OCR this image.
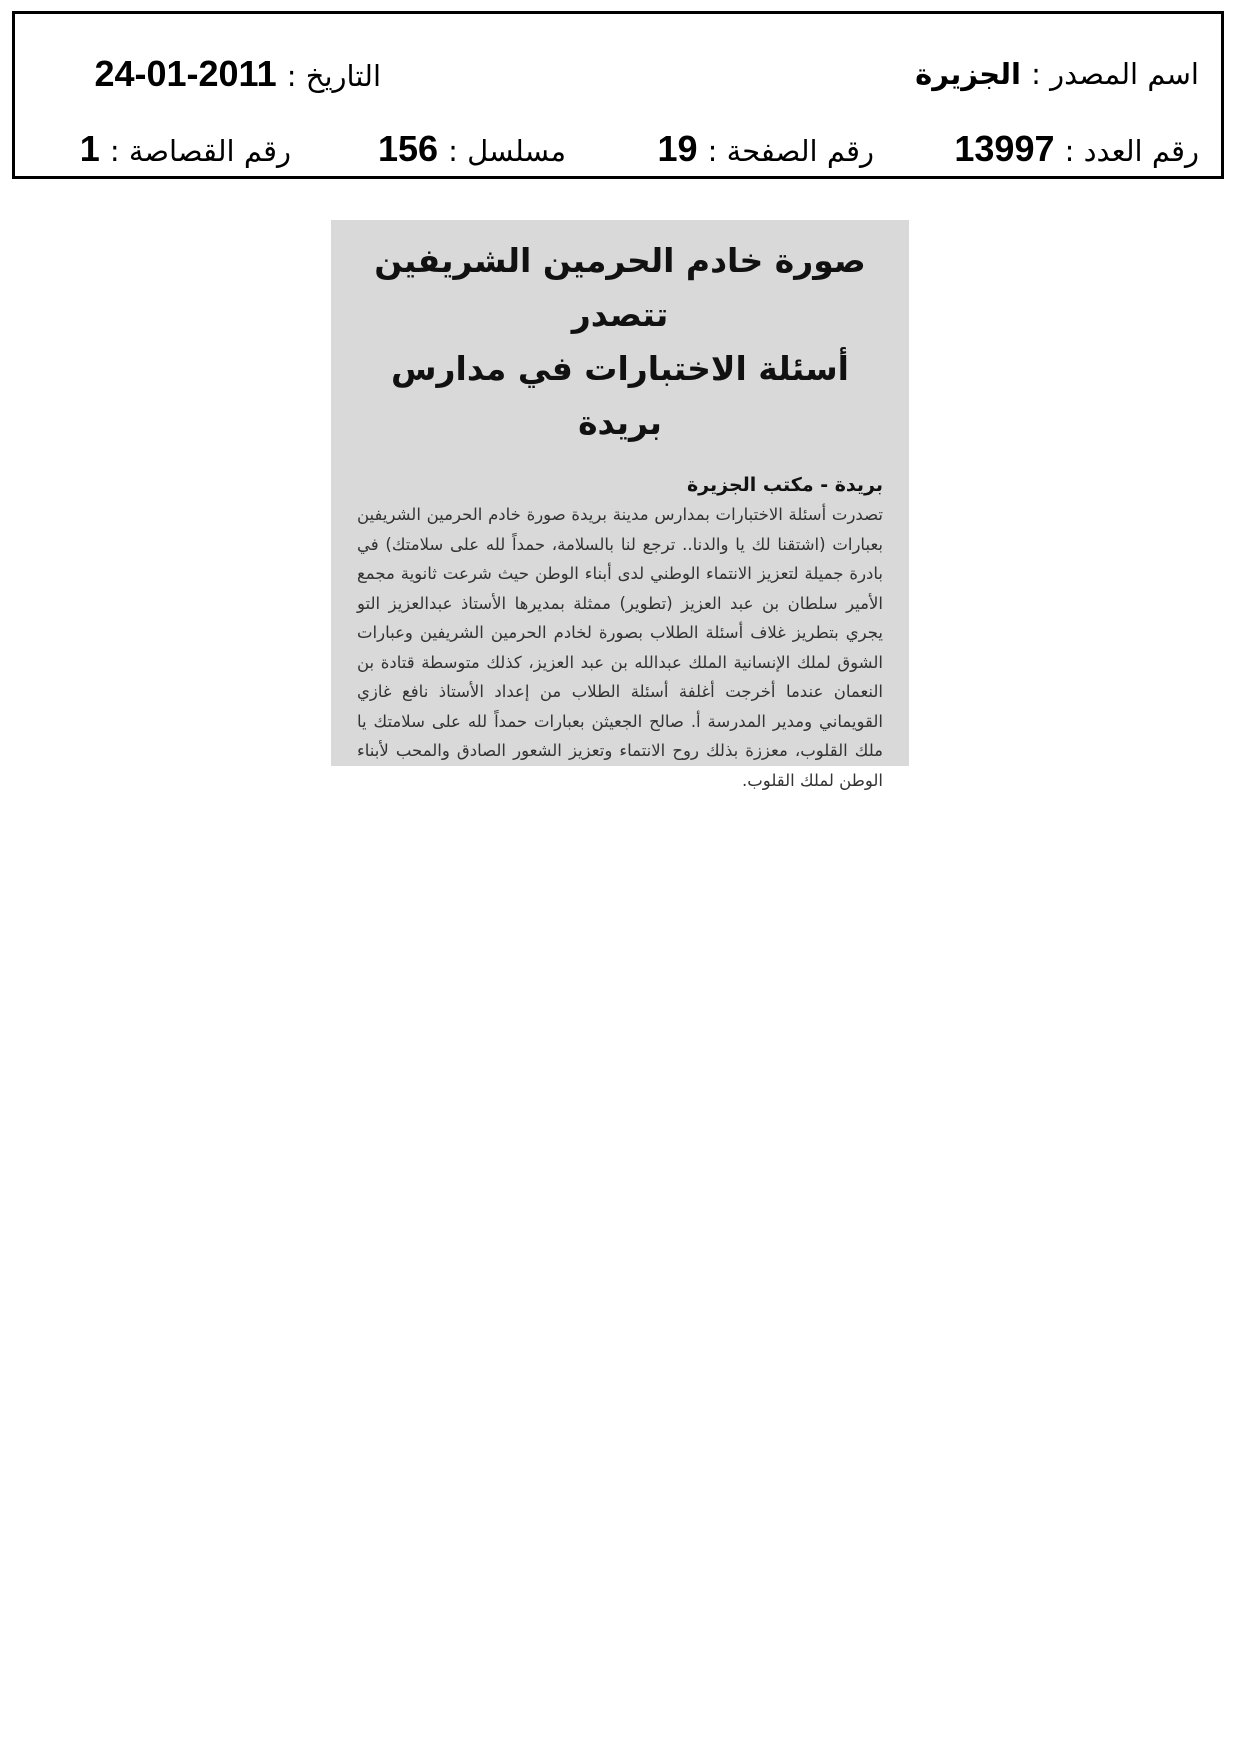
اسم المصدر : الجزيرة
التاريخ : 24-01-2011
رقم العدد : 13997
رقم الصفحة : 19
مسلسل : 156
رقم القصاصة : 1
صورة خادم الحرمين الشريفين تتصدر
أسئلة الاختبارات في مدارس بريدة

بريدة - مكتب الجزيرة

تصدرت أسئلة الاختبارات بمدارس مدينة بريدة صورة خادم الحرمين الشريفين بعبارات (اشتقنا لك يا والدنا.. ترجع لنا بالسلامة، حمداً لله على سلامتك) في بادرة جميلة لتعزيز الانتماء الوطني لدى أبناء الوطن حيث شرعت ثانوية مجمع الأمير سلطان بن عبد العزيز (تطوير) ممثلة بمديرها الأستاذ عبدالعزيز التو يجري بتطريز غلاف أسئلة الطلاب بصورة لخادم الحرمين الشريفين وعبارات الشوق لملك الإنسانية الملك عبدالله بن عبد العزيز، كذلك متوسطة قتادة بن النعمان عندما أخرجت أغلفة أسئلة الطلاب من إعداد الأستاذ نافع غازي القويماني ومدير المدرسة أ. صالح الجعيثن بعبارات حمداً لله على سلامتك يا ملك القلوب، معززة بذلك روح الانتماء وتعزيز الشعور الصادق والمحب لأبناء الوطن لملك القلوب.
